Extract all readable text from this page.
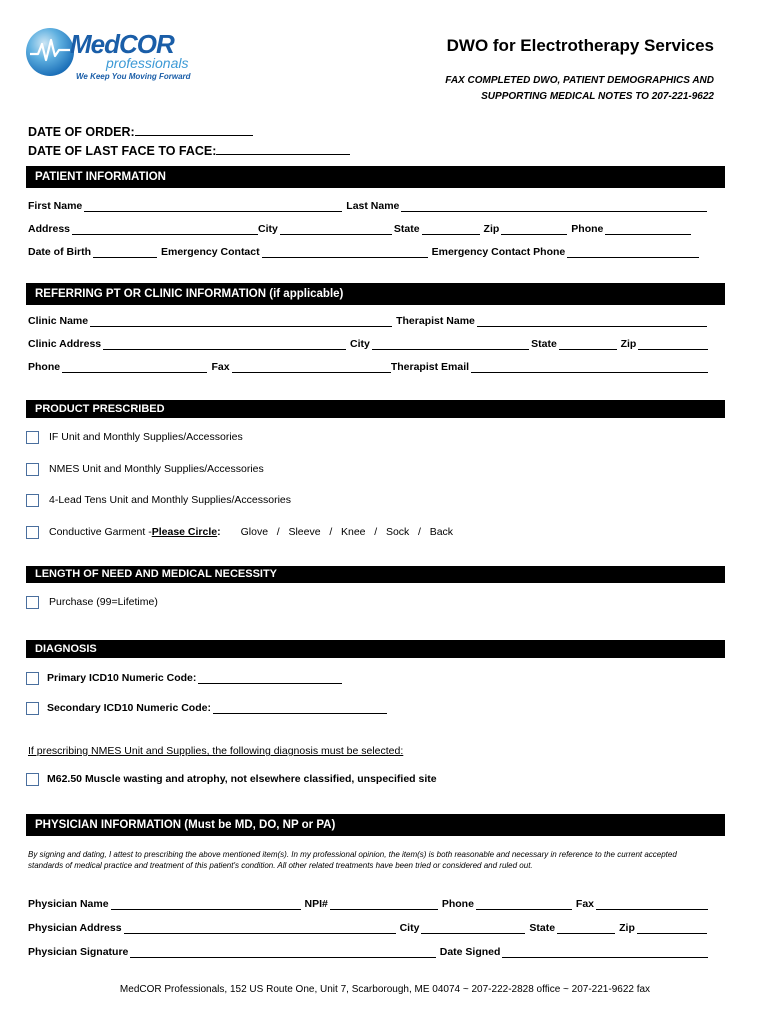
MedCOR
professionals
We Keep You Moving Forward
DWO for Electrotherapy Services
FAX COMPLETED DWO, PATIENT DEMOGRAPHICS AND
SUPPORTING MEDICAL NOTES TO 207-221-9622
DATE OF ORDER:
DATE OF LAST FACE TO FACE:
PATIENT INFORMATION
First Name	Last Name
Address	City	State	Zip	Phone
Date of Birth	Emergency Contact	Emergency Contact Phone
REFERRING PT OR CLINIC INFORMATION (if applicable)
Clinic Name	Therapist Name
Clinic Address	City	State	Zip
Phone	Fax	Therapist Email
PRODUCT PRESCRIBED
IF Unit and Monthly Supplies/Accessories
NMES Unit and Monthly Supplies/Accessories
4-Lead Tens Unit and Monthly Supplies/Accessories
Conductive Garment - Please Circle : Glove / Sleeve / Knee / Sock / Back
LENGTH OF NEED AND MEDICAL NECESSITY
Purchase (99=Lifetime)
DIAGNOSIS
Primary ICD10 Numeric Code:
Secondary ICD10 Numeric Code:
If prescribing NMES Unit and Supplies, the following diagnosis must be selected:
M62.50 Muscle wasting and atrophy, not elsewhere classified, unspecified site
PHYSICIAN INFORMATION (Must be MD, DO, NP or PA)
By signing and dating, I attest to prescribing the above mentioned item(s). In my professional opinion, the item(s) is both reasonable and necessary in reference to the current accepted standards of medical practice and treatment of this patient's condition. All other related treatments have been tried or considered and ruled out.
Physician Name	NPI#	Phone	Fax
Physician Address	City	State	Zip
Physician Signature	Date Signed
MedCOR Professionals, 152 US Route One, Unit 7, Scarborough, ME 04074 ~ 207-222-2828 office ~ 207-221-9622 fax
